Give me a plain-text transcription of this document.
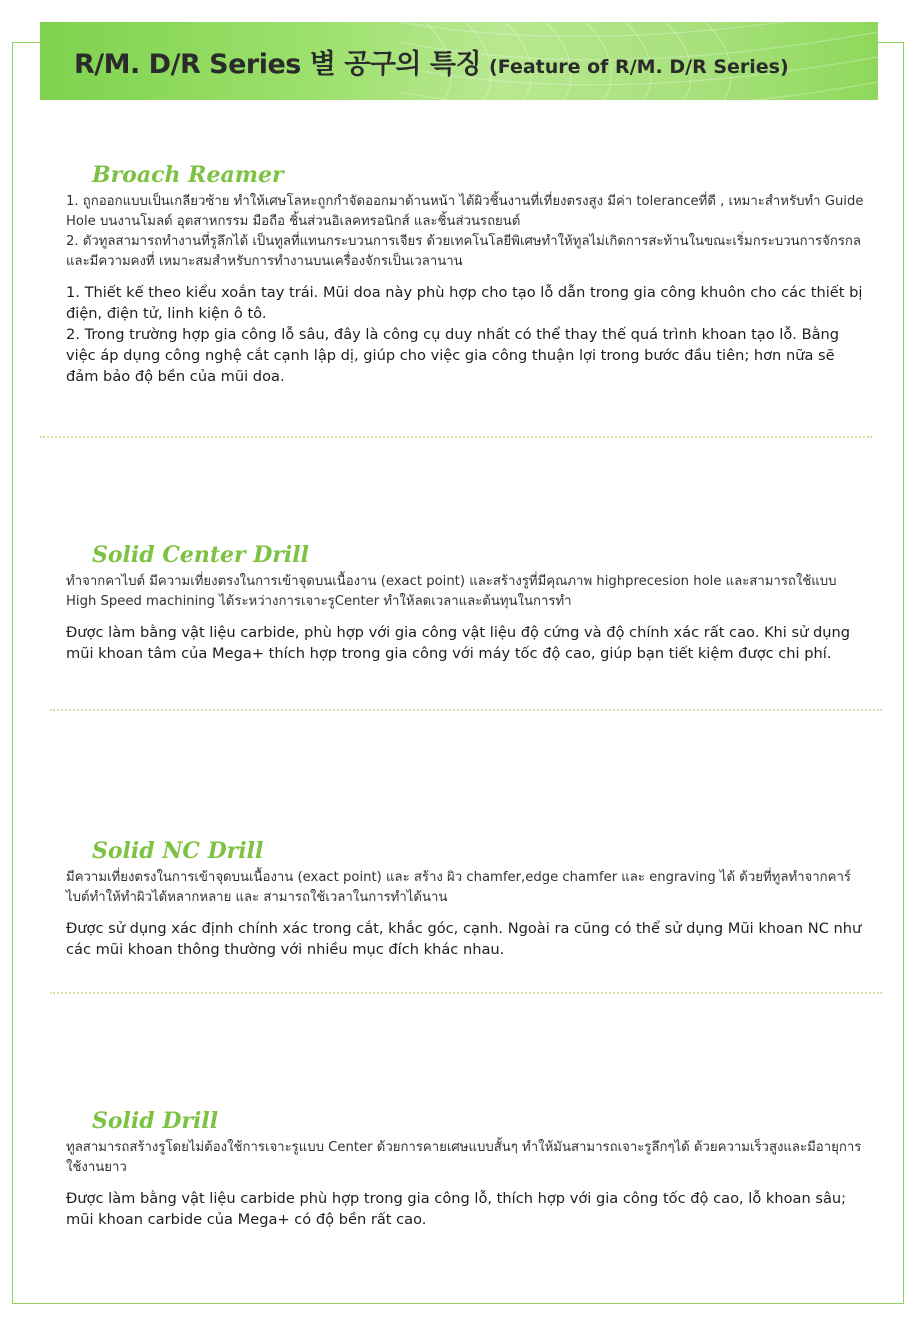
R/M. D/R Series 별 공구의 특징 (Feature of R/M. D/R Series)
Broach Reamer
1. ถูกออกแบบเป็นเกลียวซ้าย ทำให้เศษโลหะถูกกำจัดออกมาด้านหน้า ได้ผิวชิ้นงานที่เที่ยงตรงสูง มีค่า toleranceที่ดี , เหมาะสำหรับทำ Guide Hole บนงานโมลด์ อุตสาหกรรม มือถือ ชิ้นส่วนอิเลคทรอนิกส์ และชิ้นส่วนรถยนต์
2. ตัวทูลสามารถทำงานที่รูลึกได้ เป็นทูลที่แทนกระบวนการเจียร ด้วยเทคโนโลยีพิเศษทำให้ทูลไม่เกิดการสะท้านในขณะเริ่มกระบวนการจักรกลและมีความคงที่ เหมาะสมสำหรับการทำงานบนเครื่องจักรเป็นเวลานาน
1. Thiết kế theo kiểu xoắn tay trái. Mũi doa này phù hợp cho tạo lỗ dẫn trong gia công khuôn cho các thiết bị điện, điện tử, linh kiện ô tô.
2. Trong trường hợp gia công lỗ sâu, đây là công cụ duy nhất có thể thay thế quá trình khoan tạo lỗ. Bằng việc áp dụng công nghệ cắt cạnh lập dị, giúp cho việc gia công thuận lợi trong bước đầu tiên; hơn nữa sẽ đảm bảo độ bền của mũi doa.
Solid Center Drill
ทำจากคาไบต์ มีความเที่ยงตรงในการเข้าจุดบนเนื้องาน (exact point) และสร้างรูที่มีคุณภาพ highprecesion hole และสามารถใช้แบบ High Speed machining ได้ระหว่างการเจาะรูCenter ทำให้ลดเวลาและต้นทุนในการทำ
Được làm bằng vật liệu carbide, phù hợp với gia công vật liệu độ cứng và độ chính xác rất cao. Khi sử dụng mũi khoan tâm của Mega+ thích hợp trong gia công với máy tốc độ cao, giúp bạn tiết kiệm được chi phí.
Solid NC Drill
มีความเที่ยงตรงในการเข้าจุดบนเนื้องาน (exact point) และ สร้าง ผิว chamfer,edge chamfer และ engraving ได้ ด้วยที่ทูลทำจากคาร์ไบต์ทำให้ทำผิวได้หลากหลาย และ สามารถใช้เวลาในการทำได้นาน
Được sử dụng xác định chính xác trong cắt, khắc góc, cạnh. Ngoài ra cũng có thể sử dụng Mũi khoan NC như các mũi khoan thông thường với nhiều mục đích khác nhau.
Solid Drill
ทูลสามารถสร้างรูโดยไม่ต้องใช้การเจาะรูแบบ Center ด้วยการคายเศษแบบสั้นๆ ทำให้มันสามารถเจาะรูลึกๆได้ ด้วยความเร็วสูงและมีอายุการใช้งานยาว
Được làm bằng vật liệu carbide phù hợp trong gia công lỗ, thích hợp với gia công tốc độ cao, lỗ khoan sâu; mũi khoan carbide của Mega+ có độ bền rất cao.
